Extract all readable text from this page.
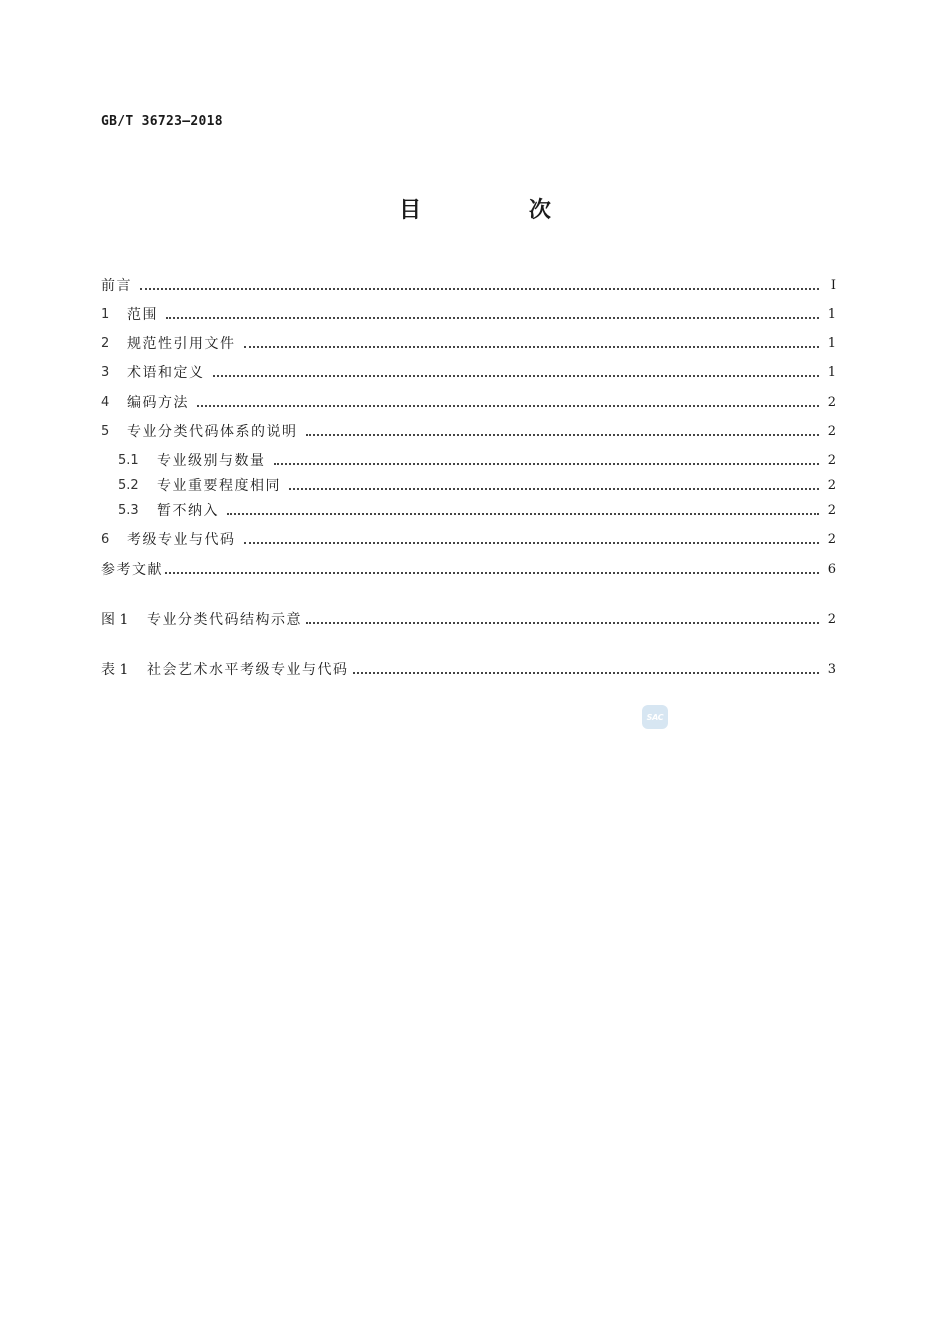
GB/T 36723—2018
目 次
前言	Ⅰ
1	范围	1
2	规范性引用文件	1
3	术语和定义	1
4	编码方法	2
5	专业分类代码体系的说明	2
5.1	专业级别与数量	2
5.2	专业重要程度相同	2
5.3	暂不纳入	2
6	考级专业与代码	2
参考文献	6
图 1	专业分类代码结构示意	2
表 1	社会艺术水平考级专业与代码	3
SAC
